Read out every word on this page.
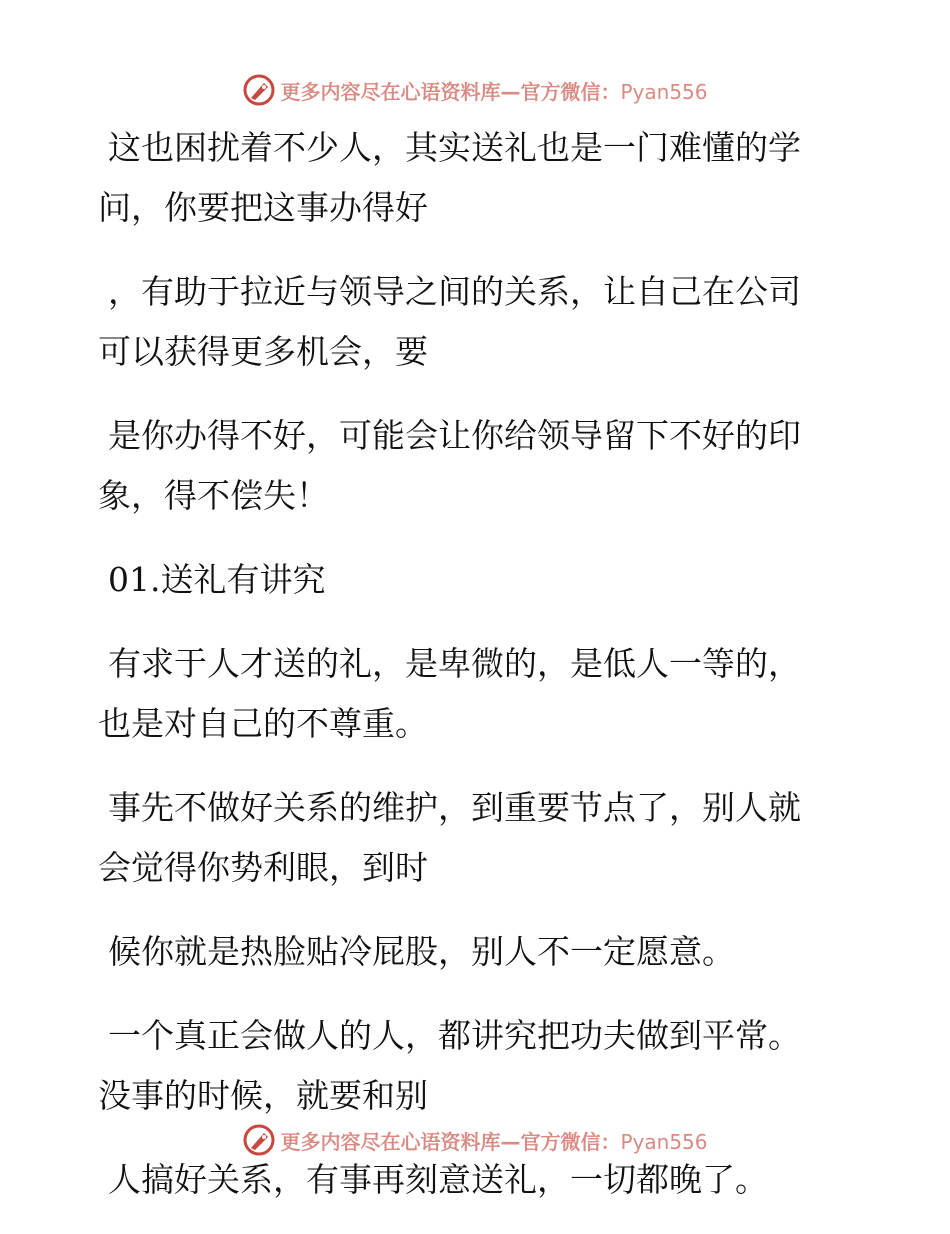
更多内容尽在心语资料库—官方微信：Pyan556

这也困扰着不少人，其实送礼也是一门难懂的学
问，你要把这事办得好

，有助于拉近与领导之间的关系，让自己在公司
可以获得更多机会，要

是你办得不好，可能会让你给领导留下不好的印
象，得不偿失！

01.送礼有讲究

有求于人才送的礼，是卑微的，是低人一等的，
也是对自己的不尊重。

事先不做好关系的维护，到重要节点了，别人就
会觉得你势利眼，到时

候你就是热脸贴冷屁股，别人不一定愿意。

一个真正会做人的人，都讲究把功夫做到平常。
没事的时候，就要和别

人搞好关系，有事再刻意送礼，一切都晚了。

更多内容尽在心语资料库—官方微信：Pyan556
